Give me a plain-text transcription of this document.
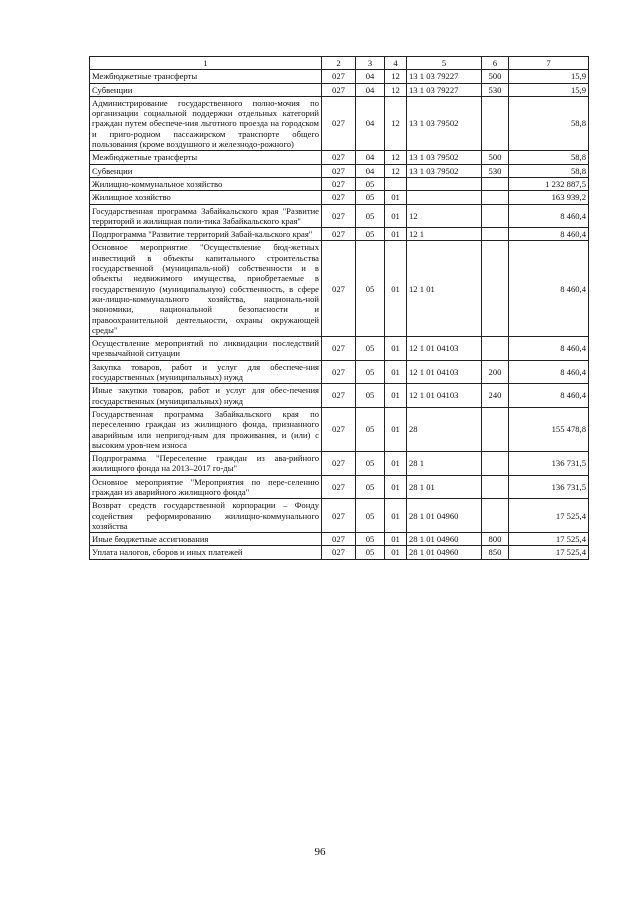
1	2	3	4	5	6	7
Межбюджетные трансферты	027	04	12	13 1 03 79227	500	15,9
Субвенции	027	04	12	13 1 03 79227	530	15,9
Администрирование государственного полно-мочия по организации социальной поддержки отдельных категорий граждан путем обеспече-ния льготного проезда на городском и приго-родном пассажирском транспорте общего пользования (кроме воздушного и железнодо-рожного)	027	04	12	13 1 03 79502		58,8
Межбюджетные трансферты	027	04	12	13 1 03 79502	500	58,8
Субвенции	027	04	12	13 1 03 79502	530	58,8
Жилищно-коммунальное хозяйство	027	05				1 232 887,5
Жилищное хозяйство	027	05	01			163 939,2
Государственная программа Забайкальского края "Развитие территорий и жилищная поли-тика Забайкальского края"	027	05	01	12		8 460,4
Подпрограмма "Развитие территорий Забай-кальского края"	027	05	01	12 1		8 460,4
Основное мероприятие "Осуществление бюд-жетных инвестиций в объекты капитального строительства государственной (муниципаль-ной) собственности и в объекты недвижимого имущества, приобретаемые в государственную (муниципальную) собственность, в сфере жи-лищно-коммунального хозяйства, националь-ной экономики, национальной безопасности и правоохранительной деятельности, охраны окружающей среды"	027	05	01	12 1 01		8 460,4
Осуществление мероприятий по ликвидации последствий чрезвычайной ситуации	027	05	01	12 1 01 04103		8 460,4
Закупка товаров, работ и услуг для обеспече-ния государственных (муниципальных) нужд	027	05	01	12 1 01 04103	200	8 460,4
Иные закупки товаров, работ и услуг для обес-печения государственных (муниципальных) нужд	027	05	01	12 1 01 04103	240	8 460,4
Государственная программа Забайкальского края по переселению граждан из жилищного фонда, признанного аварийным или непригод-ным для проживания, и (или) с высоким уров-нем износа	027	05	01	28		155 478,8
Подпрограмма "Переселение граждан из ава-рийного жилищного фонда на 2013–2017 го-ды"	027	05	01	28 1		136 731,5
Основное мероприятие "Мероприятия по пере-селению граждан из аварийного жилищного фонда"	027	05	01	28 1 01		136 731,5
Возврат средств государственной корпорации – Фонду содействия реформированию жилищно-коммунального хозяйства	027	05	01	28 1 01 04960		17 525,4
Иные бюджетные ассигнования	027	05	01	28 1 01 04960	800	17 525,4
Уплата налогов, сборов и иных платежей	027	05	01	28 1 01 04960	850	17 525,4
96
